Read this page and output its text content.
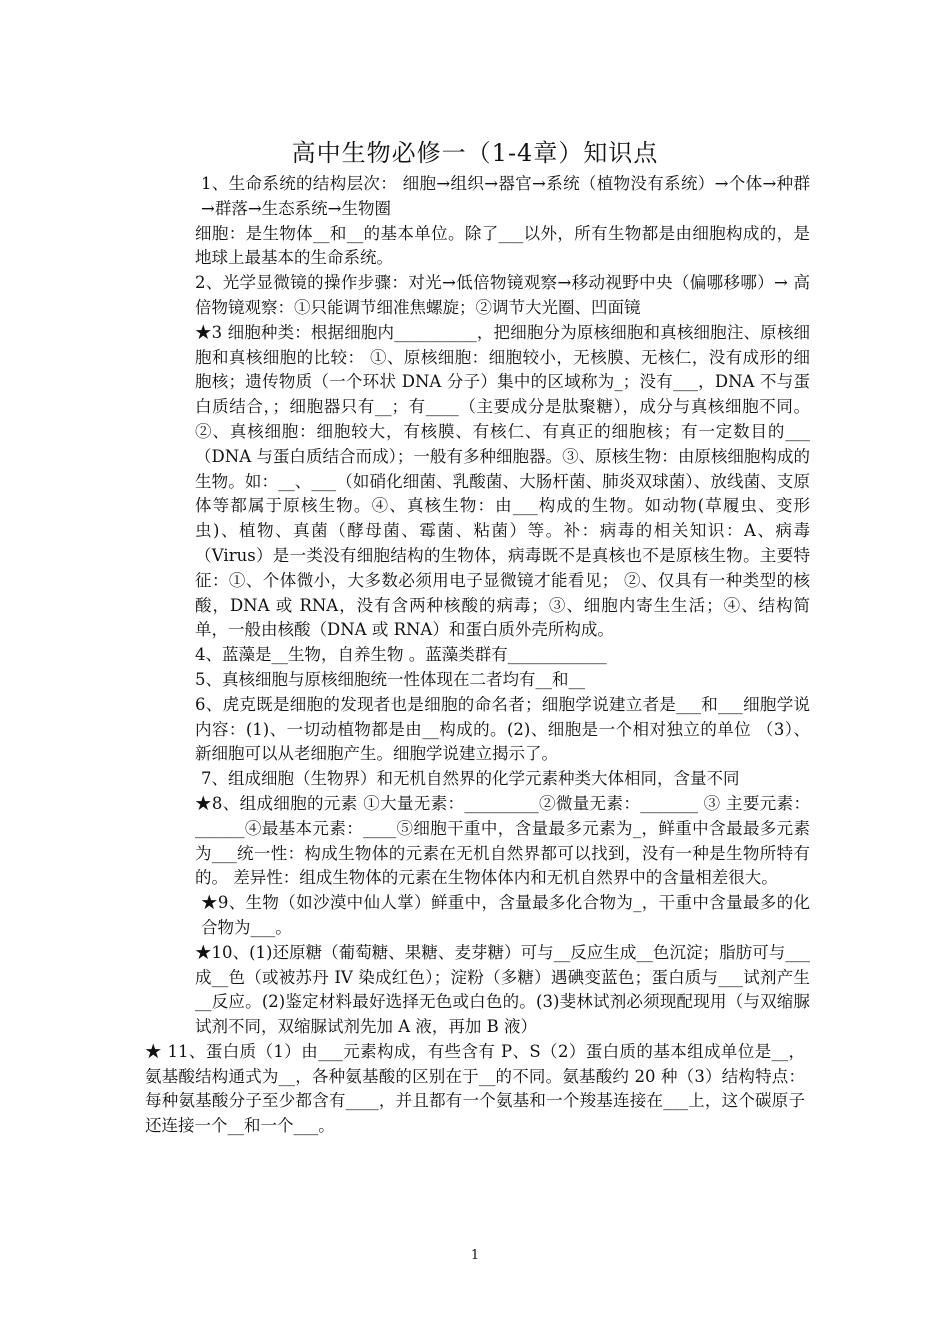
高中生物必修一（1-4章）知识点

1、生命系统的结构层次： 细胞→组织→器官→系统（植物没有系统）→个体→种群 →群落→生态系统→生物圈

细胞：是生物体__和__的基本单位。除了___以外，所有生物都是由细胞构成的，是地球上最基本的生命系统。

2、光学显微镜的操作步骤：对光→低倍物镜观察→移动视野中央（偏哪移哪）→ 高倍物镜观察：①只能调节细准焦螺旋；②调节大光圈、凹面镜

★3 细胞种类：根据细胞内__________，把细胞分为原核细胞和真核细胞注、原核细胞和真核细胞的比较： ①、原核细胞：细胞较小，无核膜、无核仁，没有成形的细胞核；遗传物质（一个环状 DNA 分子）集中的区域称为_；没有___，DNA 不与蛋白质结合，；细胞器只有__；有____（主要成分是肽聚糖），成分与真核细胞不同。 ②、真核细胞：细胞较大，有核膜、有核仁、有真正的细胞核；有一定数目的___（DNA 与蛋白质结合而成）；一般有多种细胞器。③、原核生物：由原核细胞构成的生物。如：__、___（如硝化细菌、乳酸菌、大肠杆菌、肺炎双球菌）、放线菌、支原体等都属于原核生物。④、真核生物：由___构成的生物。如动物(草履虫、变形虫)、植物、真菌（酵母菌、霉菌、粘菌）等。补：病毒的相关知识：A、病毒（Virus）是一类没有细胞结构的生物体，病毒既不是真核也不是原核生物。主要特征：①、个体微小，大多数必须用电子显微镜才能看见； ②、仅具有一种类型的核酸，DNA 或 RNA，没有含两种核酸的病毒；③、细胞内寄生生活；④、结构简单，一般由核酸（DNA 或 RNA）和蛋白质外壳所构成。

4、蓝藻是__生物，自养生物 。蓝藻类群有____________

5、真核细胞与原核细胞统一性体现在二者均有__和__

6、虎克既是细胞的发现者也是细胞的命名者；细胞学说建立者是___和___细胞学说内容：(1)、一切动植物都是由__构成的。(2)、细胞是一个相对独立的单位 （3）、新细胞可以从老细胞产生。细胞学说建立揭示了。

7、组成细胞（生物界）和无机自然界的化学元素种类大体相同，含量不同

★8、组成细胞的元素 ①大量无素：_________②微量无素：_______ ③ 主要元素：______④最基本元素：____⑤细胞干重中，含量最多元素为_，鲜重中含最最多元素为___统一性：构成生物体的元素在无机自然界都可以找到，没有一种是生物所特有的。 差异性：组成生物体的元素在生物体体内和无机自然界中的含量相差很大。

★9、生物（如沙漠中仙人掌）鲜重中，含量最多化合物为_，干重中含量最多的化合物为___。

★10、(1)还原糖（葡萄糖、果糖、麦芽糖）可与__反应生成__色沉淀；脂肪可与___成__色（或被苏丹 IV 染成红色）；淀粉（多糖）遇碘变蓝色；蛋白质与___试剂产生__反应。(2)鉴定材料最好选择无色或白色的。(3)斐林试剂必须现配现用（与双缩脲试剂不同，双缩脲试剂先加 A 液，再加 B 液）

★ 11、蛋白质（1）由___元素构成，有些含有 P、S（2）蛋白质的基本组成单位是__，氨基酸结构通式为__，各种氨基酸的区别在于__的不同。氨基酸约 20 种（3）结构特点：每种氨基酸分子至少都含有____，并且都有一个氨基和一个羧基连接在___上，这个碳原子还连接一个__和一个___。

1
